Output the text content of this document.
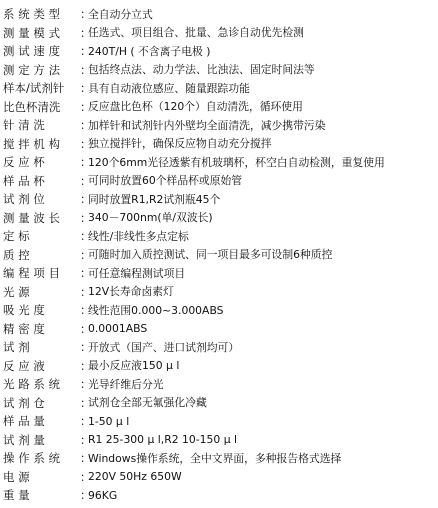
系 统 类 型	：
全自动分立式
测 量 模 式	：
任选式、项目组合、批量、急诊自动优先检测
测 试 速 度	：
240T/H ( 不含离子电极 )
测 定 方 法	：
包括终点法、动力学法、比浊法、固定时间法等
样本/试剂针	：
具有自动液位感应、随量跟踪功能
比色杯清洗	：
反应盘比色杯（120个）自动清洗，循环使用
针 清 洗	：
加样针和试剂针内外壁均全面清洗，减少携带污染
搅 拌 机 构	：
独立搅拌针，确保反应物自动充分搅拌
反 应 杯	：
120个6mm光径透紫有机玻璃杯，杯空白自动检测，重复使用
样 品 杯	：
可同时放置60个样品杯或原始管
试 剂 位	：
同时放置R1,R2试剂瓶45个
测 量 波 长	：
340－700nm(单/双波长)
定 标	：
线性/非线性多点定标
质 控	：
可随时加入质控测试、同一项目最多可设制6种质控
编 程 项 目	：
可任意编程测试项目
光 源	：
12V长寿命卤素灯
吸 光 度	：
线性范围0.000~3.000ABS
精 密 度	：
0.0001ABS
试 剂	：
开放式（国产、进口试剂均可）
反 应 液	：
最小反应液150 μ l
光 路 系 统	：
光导纤维后分光
试 剂 仓	：
试剂仓全部无氟强化冷藏
样 品 量	：
1-50 μ l
试 剂 量	：
R1 25-300 μ l,R2 10-150 μ l
操 作 系 统	：
Windows操作系统，全中文界面，多种报告格式选择
电 源	：
220V 50Hz 650W
重 量	：
96KG
